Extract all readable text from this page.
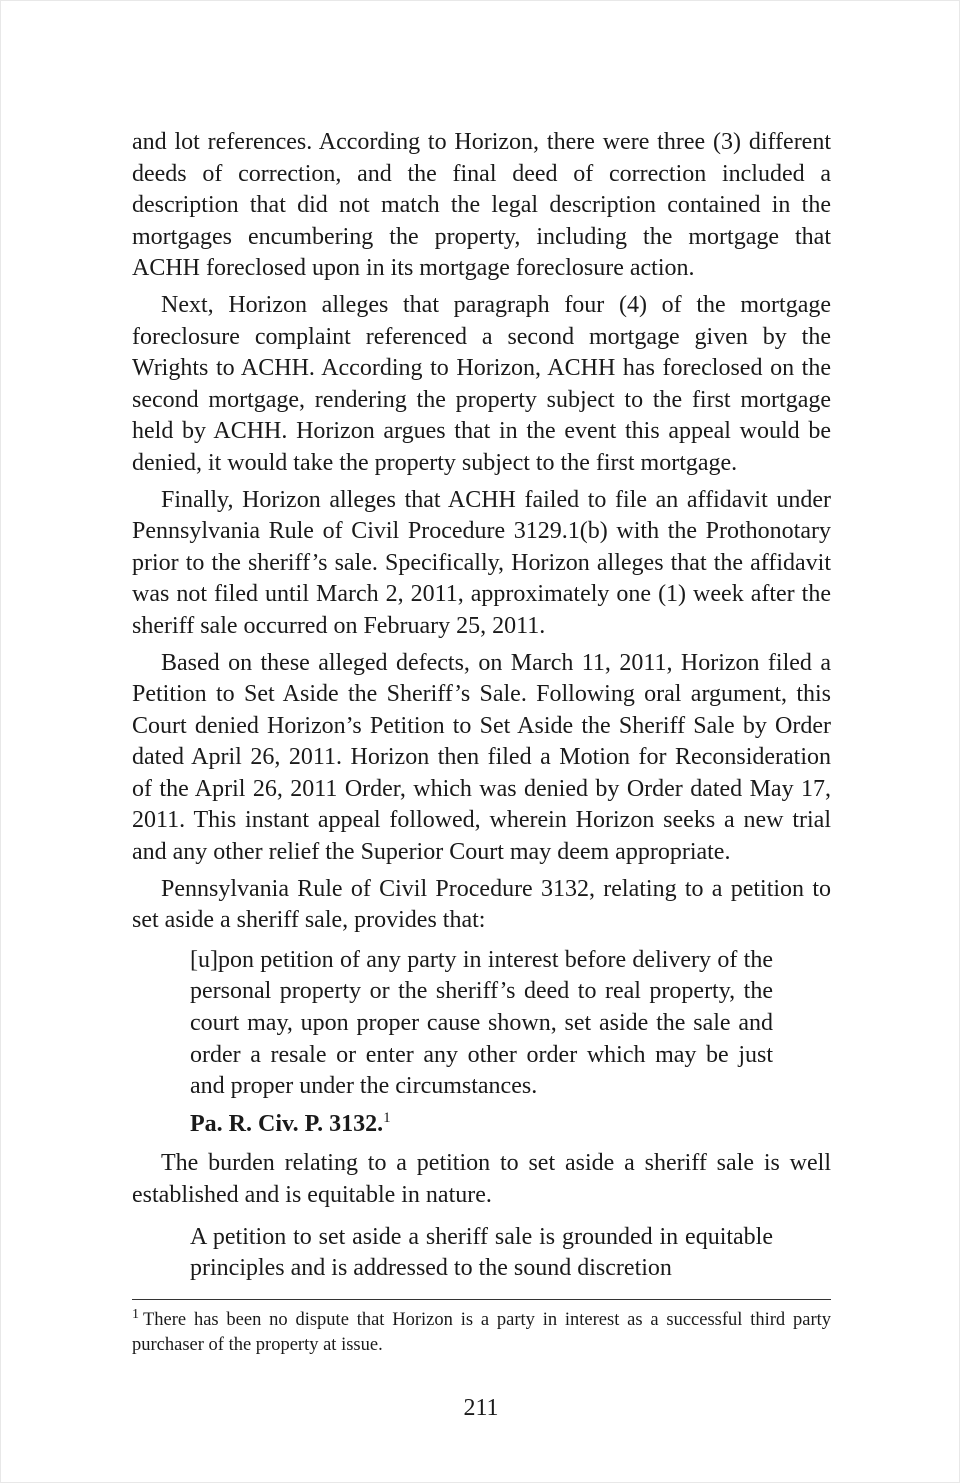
and lot references. According to Horizon, there were three (3) different deeds of correction, and the final deed of correction included a description that did not match the legal description contained in the mortgages encumbering the property, including the mortgage that ACHH foreclosed upon in its mortgage foreclosure action.

Next, Horizon alleges that paragraph four (4) of the mortgage foreclosure complaint referenced a second mortgage given by the Wrights to ACHH. According to Horizon, ACHH has foreclosed on the second mortgage, rendering the property subject to the first mortgage held by ACHH. Horizon argues that in the event this appeal would be denied, it would take the property subject to the first mortgage.

Finally, Horizon alleges that ACHH failed to file an affidavit under Pennsylvania Rule of Civil Procedure 3129.1(b) with the Prothonotary prior to the sheriff’s sale. Specifically, Horizon alleges that the affidavit was not filed until March 2, 2011, approximately one (1) week after the sheriff sale occurred on February 25, 2011.

Based on these alleged defects, on March 11, 2011, Horizon filed a Petition to Set Aside the Sheriff’s Sale. Following oral argument, this Court denied Horizon’s Petition to Set Aside the Sheriff Sale by Order dated April 26, 2011. Horizon then filed a Motion for Reconsideration of the April 26, 2011 Order, which was denied by Order dated May 17, 2011. This instant appeal followed, wherein Horizon seeks a new trial and any other relief the Superior Court may deem appropriate.

Pennsylvania Rule of Civil Procedure 3132, relating to a petition to set aside a sheriff sale, provides that:

[u]pon petition of any party in interest before delivery of the personal property or the sheriff’s deed to real property, the court may, upon proper cause shown, set aside the sale and order a resale or enter any other order which may be just and proper under the circumstances.

Pa. R. Civ. P. 3132.$^1$

The burden relating to a petition to set aside a sheriff sale is well established and is equitable in nature.

A petition to set aside a sheriff sale is grounded in equitable principles and is addressed to the sound discretion

$^1$ There has been no dispute that Horizon is a party in interest as a successful third party purchaser of the property at issue.
211
